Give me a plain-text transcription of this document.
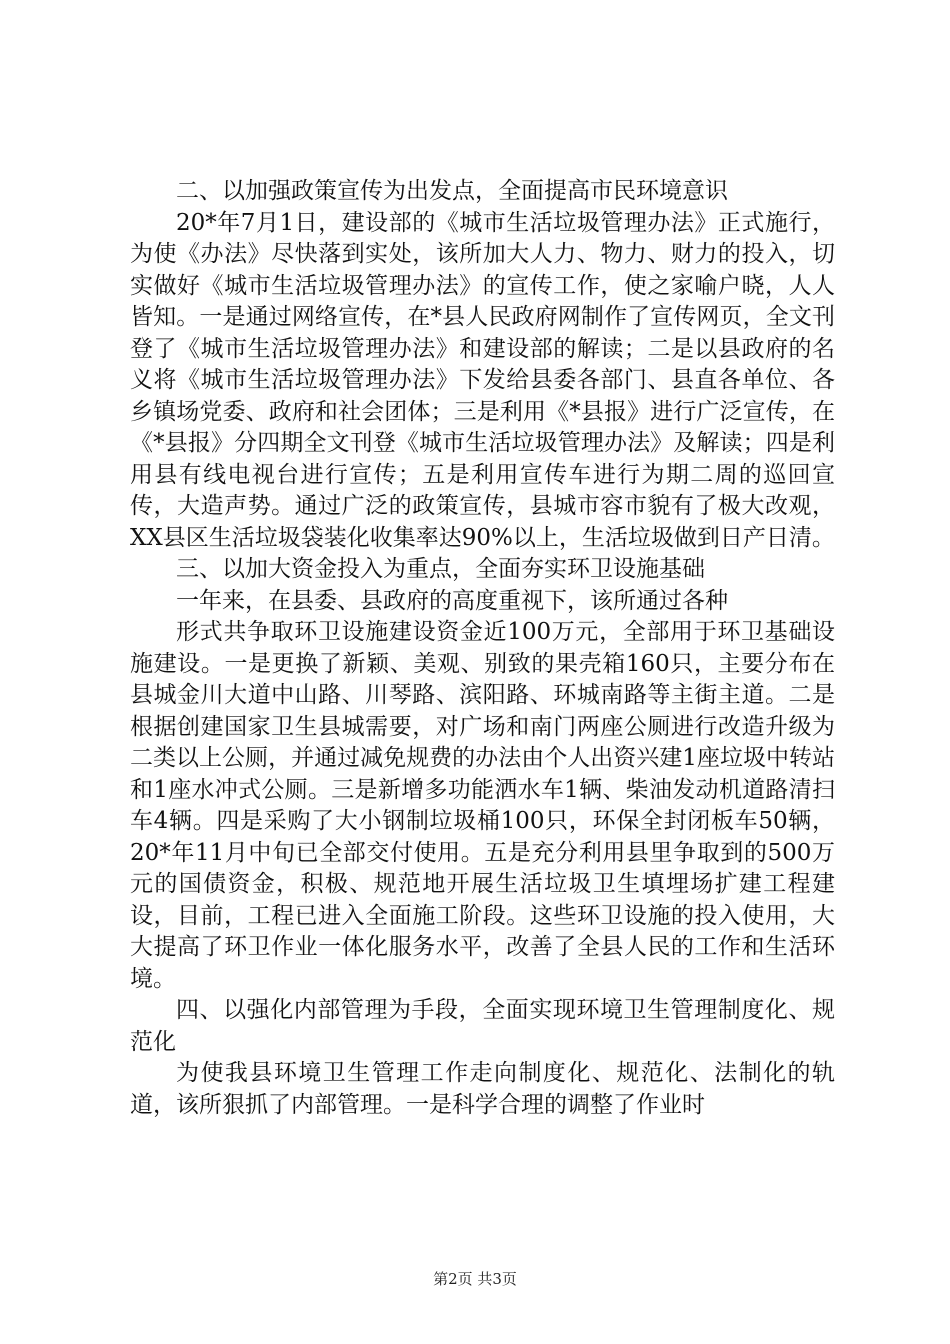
二、以加强政策宣传为出发点，全面提高市民环境意识

20*年7月1日，建设部的《城市生活垃圾管理办法》正式施行，为使《办法》尽快落到实处，该所加大人力、物力、财力的投入，切实做好《城市生活垃圾管理办法》的宣传工作，使之家喻户晓，人人皆知。一是通过网络宣传，在*县人民政府网制作了宣传网页，全文刊登了《城市生活垃圾管理办法》和建设部的解读；二是以县政府的名义将《城市生活垃圾管理办法》下发给县委各部门、县直各单位、各乡镇场党委、政府和社会团体；三是利用《*县报》进行广泛宣传，在《*县报》分四期全文刊登《城市生活垃圾管理办法》及解读；四是利用县有线电视台进行宣传；五是利用宣传车进行为期二周的巡回宣传，大造声势。通过广泛的政策宣传，县城市容市貌有了极大改观，XX县区生活垃圾袋装化收集率达90%以上，生活垃圾做到日产日清。

三、以加大资金投入为重点，全面夯实环卫设施基础

一年来，在县委、县政府的高度重视下，该所通过各种

形式共争取环卫设施建设资金近100万元，全部用于环卫基础设施建设。一是更换了新颖、美观、别致的果壳箱160只，主要分布在县城金川大道中山路、川琴路、滨阳路、环城南路等主街主道。二是根据创建国家卫生县城需要，对广场和南门两座公厕进行改造升级为二类以上公厕，并通过减免规费的办法由个人出资兴建1座垃圾中转站和1座水冲式公厕。三是新增多功能洒水车1辆、柴油发动机道路清扫车4辆。四是采购了大小钢制垃圾桶100只，环保全封闭板车50辆，20*年11月中旬已全部交付使用。五是充分利用县里争取到的500万元的国债资金，积极、规范地开展生活垃圾卫生填埋场扩建工程建设，目前，工程已进入全面施工阶段。这些环卫设施的投入使用，大大提高了环卫作业一体化服务水平，改善了全县人民的工作和生活环境。

四、以强化内部管理为手段，全面实现环境卫生管理制度化、规范化

为使我县环境卫生管理工作走向制度化、规范化、法制化的轨道，该所狠抓了内部管理。一是科学合理的调整了作业时

第2页 共3页
